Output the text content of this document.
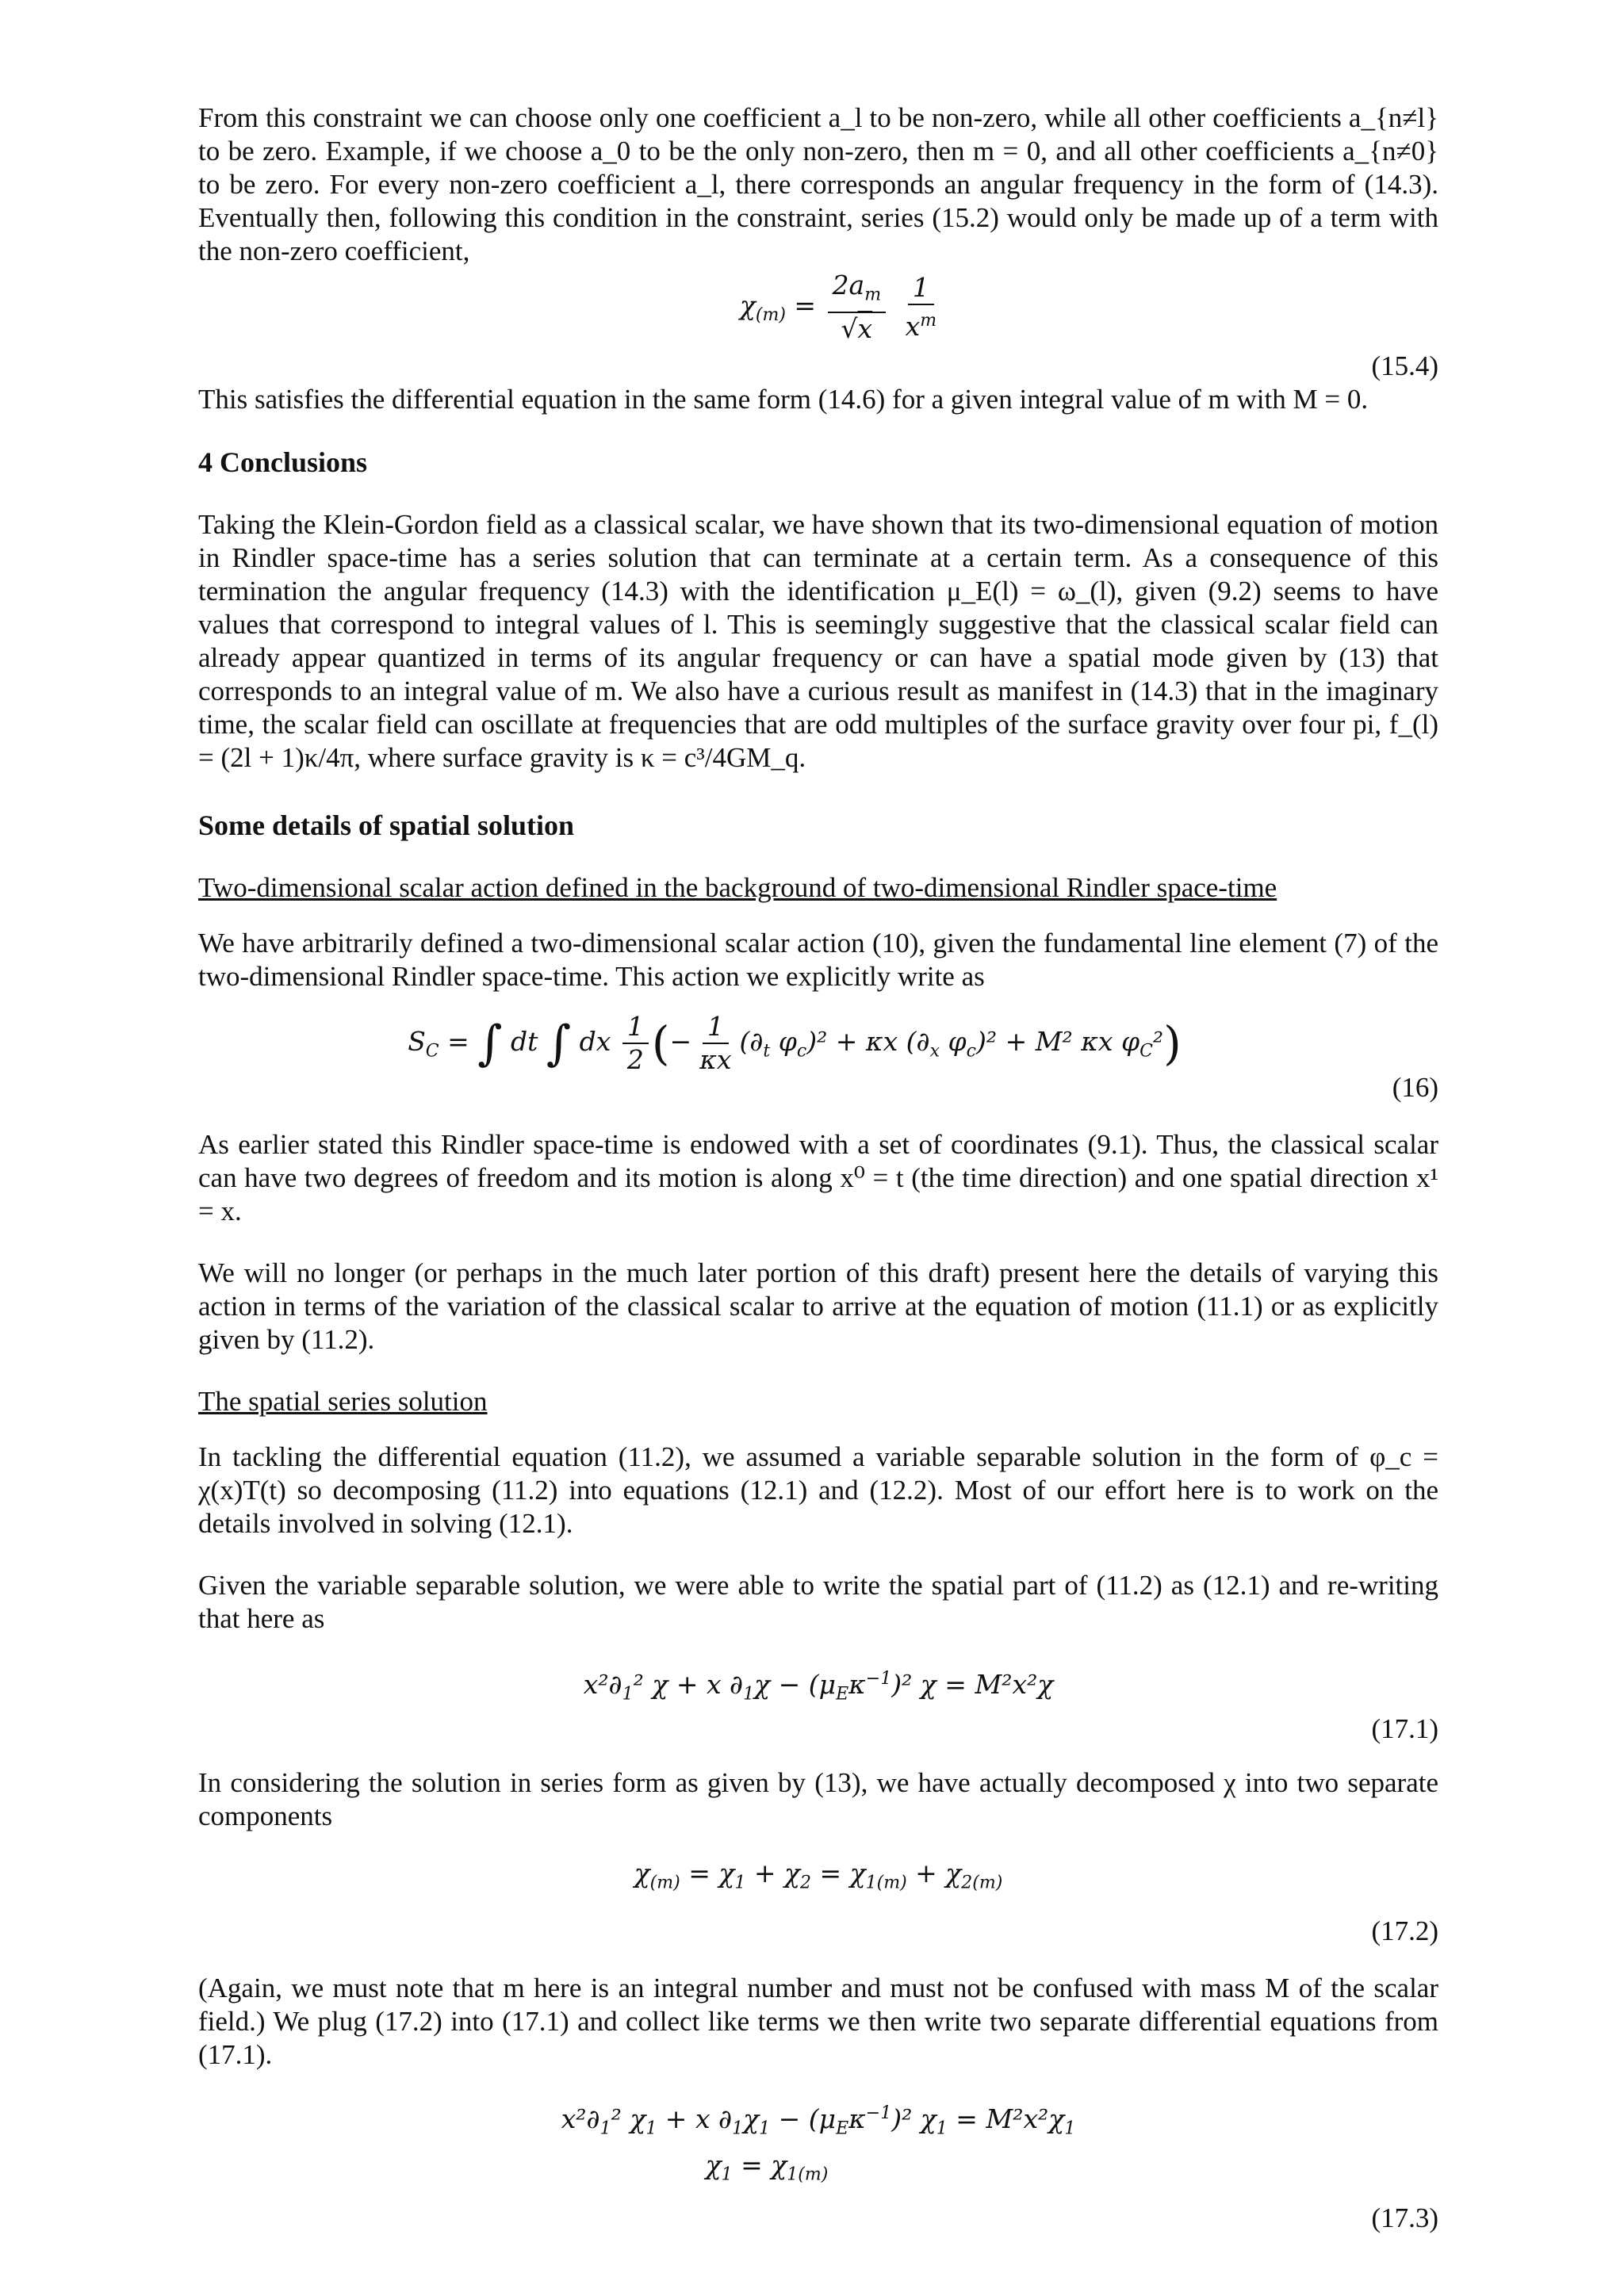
From this constraint we can choose only one coefficient a_l to be non-zero, while all other coefficients a_{n≠l} to be zero. Example, if we choose a_0 to be the only non-zero, then m = 0, and all other coefficients a_{n≠0} to be zero. For every non-zero coefficient a_l, there corresponds an angular frequency in the form of (14.3). Eventually then, following this condition in the constraint, series (15.2) would only be made up of a term with the non-zero coefficient,

$\chi_{(m)} = \frac{2a_m}{√x}$
$\frac{1}{x^m}$
(15.4)

This satisfies the differential equation in the same form (14.6) for a given integral value of m with M = 0.

4 Conclusions

Taking the Klein-Gordon field as a classical scalar, we have shown that its two-dimensional equation of motion in Rindler space-time has a series solution that can terminate at a certain term. As a consequence of this termination the angular frequency (14.3) with the identification μ_E(l) = ω_(l), given (9.2) seems to have values that correspond to integral values of l. This is seemingly suggestive that the classical scalar field can already appear quantized in terms of its angular frequency or can have a spatial mode given by (13) that corresponds to an integral value of m. We also have a curious result as manifest in (14.3) that in the imaginary time, the scalar field can oscillate at frequencies that are odd multiples of the surface gravity over four pi, f_(l) = (2l + 1)κ/4π, where surface gravity is κ = c³/4GM_q.

Some details of spatial solution
Two-dimensional scalar action defined in the background of two-dimensional Rindler space-time

We have arbitrarily defined a two-dimensional scalar action (10), given the fundamental line element (7) of the two-dimensional Rindler space-time. This action we explicitly write as

$S_C$ = ∫ dt ∫ dx $\frac{1}{2}$ (− $\frac{1}{\kappa x} (\partial_t$ $\varphi_c)^2 + \kappa x$ ($\partial_x$ $\varphi_c)^2 + M^2$ κx $\varphi_C^2$)
(16)

As earlier stated this Rindler space-time is endowed with a set of coordinates (9.1). Thus, the classical scalar can have two degrees of freedom and its motion is along x⁰ = t (the time direction) and one spatial direction x¹ = x.

We will no longer (or perhaps in the much later portion of this draft) present here the details of varying this action in terms of the variation of the classical scalar to arrive at the equation of motion (11.1) or as explicitly given by (11.2).

The spatial series solution

In tackling the differential equation (11.2), we assumed a variable separable solution in the form of φ_c = χ(x)T(t) so decomposing (11.2) into equations (12.1) and (12.2). Most of our effort here is to work on the details involved in solving (12.1).

Given the variable separable solution, we were able to write the spatial part of (11.2) as (12.1) and re-writing that here as

$x^2\partial_1^2$ χ + x $\partial_1\chi - (\mu_E\kappa^{-1})^2$ χ = M²x²χ
(17.1)

In considering the solution in series form as given by (13), we have actually decomposed χ into two separate components

$\chi_{(m)} = \chi_1 + \chi_2 = \chi_{1(m)} + \chi_{2(m)}$
(17.2)

(Again, we must note that m here is an integral number and must not be confused with mass M of the scalar field.) We plug (17.2) into (17.1) and collect like terms we then write two separate differential equations from (17.1).

$x^2\partial_1^2$ $\chi_1 + x$ $\partial_1\chi_1 - (\mu_E\kappa^{-1})^2$ $\chi_1 = M^2x^2\chi_1$
$\chi_1 = \chi_{1(m)}$
(17.3)
